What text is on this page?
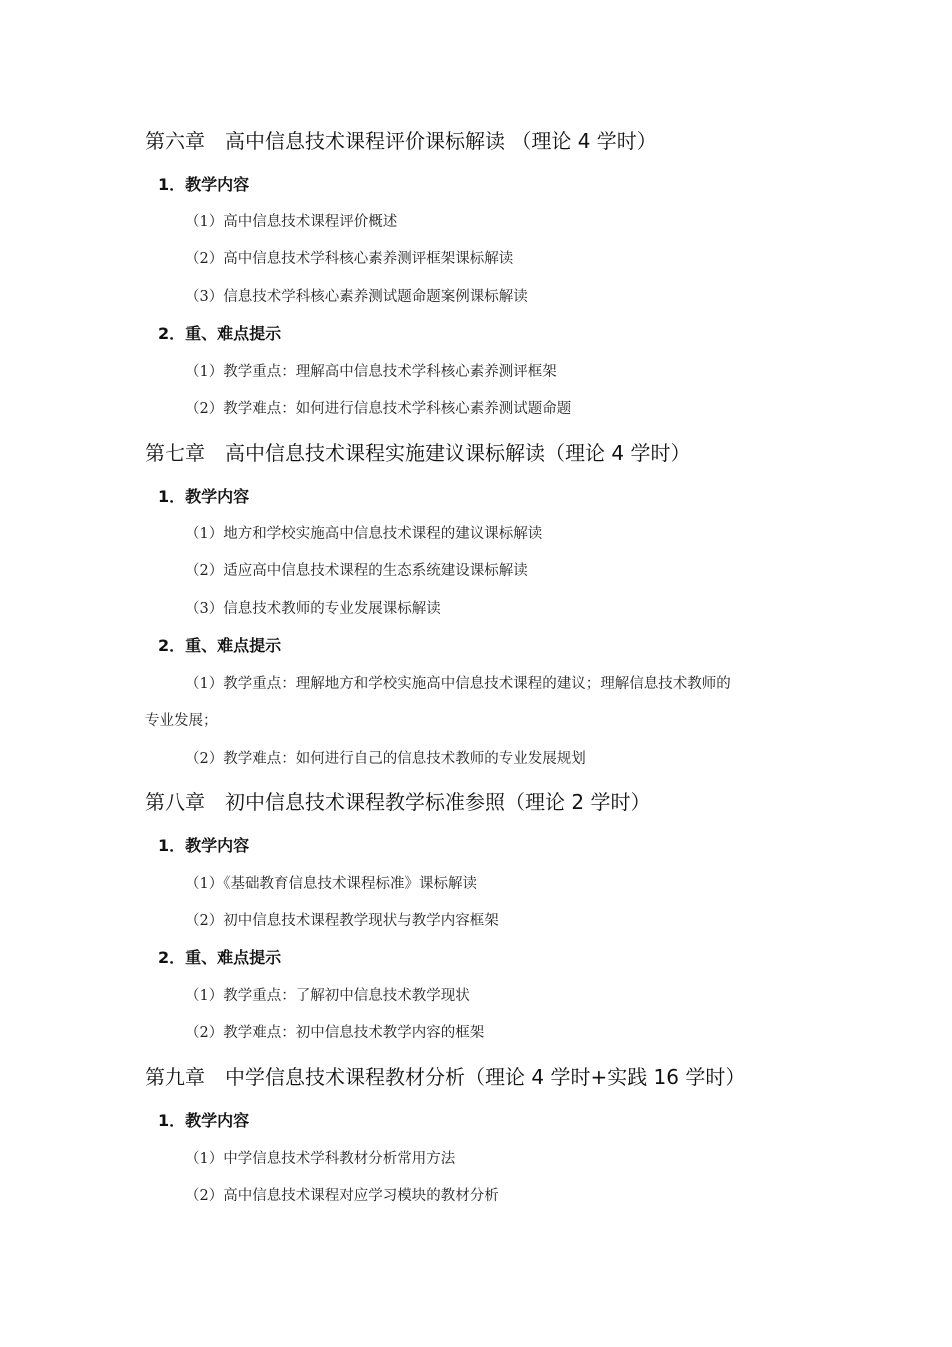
第六章　高中信息技术课程评价课标解读 （理论 4 学时）
1．教学内容
（1）高中信息技术课程评价概述
（2）高中信息技术学科核心素养测评框架课标解读
（3）信息技术学科核心素养测试题命题案例课标解读
2．重、难点提示
（1）教学重点：理解高中信息技术学科核心素养测评框架
（2）教学难点：如何进行信息技术学科核心素养测试题命题
第七章　高中信息技术课程实施建议课标解读（理论 4 学时）
1．教学内容
（1）地方和学校实施高中信息技术课程的建议课标解读
（2）适应高中信息技术课程的生态系统建设课标解读
（3）信息技术教师的专业发展课标解读
2．重、难点提示
（1）教学重点：理解地方和学校实施高中信息技术课程的建议；理解信息技术教师的
专业发展；
（2）教学难点：如何进行自己的信息技术教师的专业发展规划
第八章　初中信息技术课程教学标准参照（理论 2 学时）
1．教学内容
（1）《基础教育信息技术课程标准》课标解读
（2）初中信息技术课程教学现状与教学内容框架
2．重、难点提示
（1）教学重点：了解初中信息技术教学现状
（2）教学难点：初中信息技术教学内容的框架
第九章　中学信息技术课程教材分析（理论 4 学时+实践 16 学时）
1．教学内容
（1）中学信息技术学科教材分析常用方法
（2）高中信息技术课程对应学习模块的教材分析
